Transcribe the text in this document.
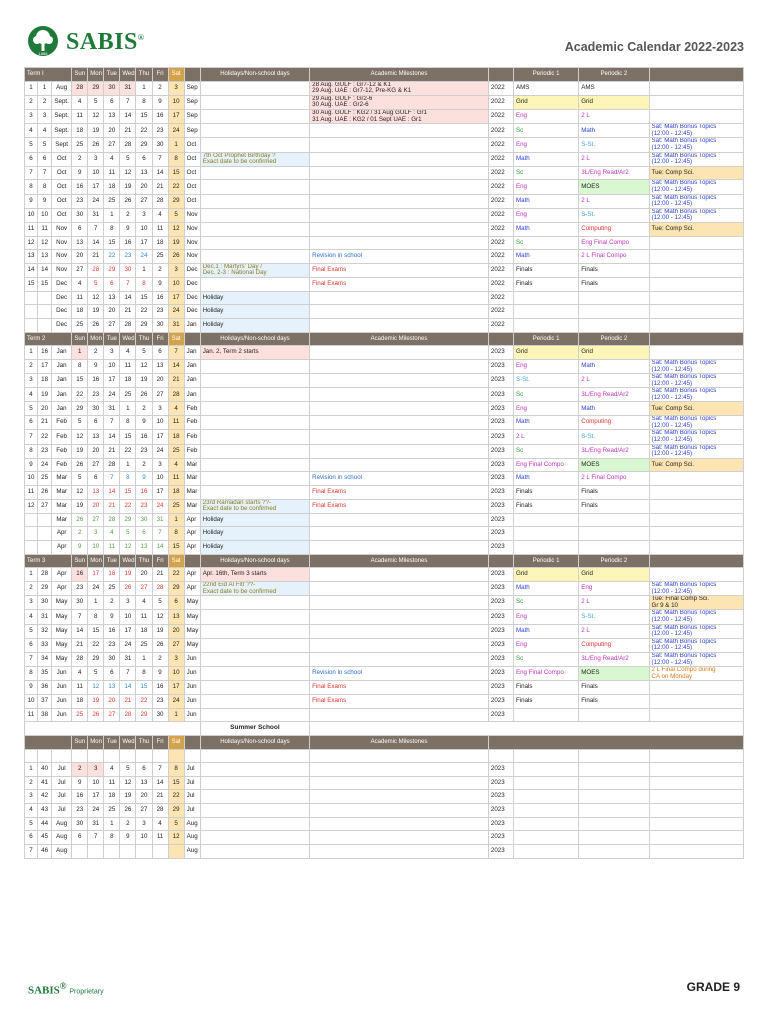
1886 SABIS®
Academic Calendar 2022-2023
Term I			Sun	Mon	Tue	Wed	Thu	Fri	Sat		Holidays/Non-school days	Academic Milestones		Periodic 1	Periodic 2	
1	1	Aug	28	29	30	31	1	2	3	Sep		28 Aug. GULF : Gr7-12 & K1
29 Aug. UAE : Gr7-12, Pre-KG & K1	2022	AMS	AMS	
2	2	Sept.	4	5	6	7	8	9	10	Sep		29 Aug. GULF : Gr2-6
30 Aug. UAE : Gr2-6	2022	Grid	Grid	
3	3	Sept.	11	12	13	14	15	16	17	Sep		30 Aug. GULF : KG2 / 31 Aug GULF : Gr1
31 Aug. UAE : KG2 / 01 Sept UAE : Gr1	2022	Eng	2 L	
4	4	Sept.	18	19	20	21	22	23	24	Sep			2022	Sc	Math	Sat: Math Bonus Topics
(12:00 - 12:45)
5	5	Sept	25	26	27	28	29	30	1	Oct			2022	Eng	S-St.	Sat: Math Bonus Topics
(12:00 - 12:45)
6	6	Oct	2	3	4	5	6	7	8	Oct	7th Oct Prophet Birthday ?
Exact date to be confirmed		2022	Math	2 L	Sat: Math Bonus Topics
(12:00 - 12:45)
7	7	Oct	9	10	11	12	13	14	15	Oct			2022	Sc	3L/Eng Read/Ar2	Tue: Comp Sci.
8	8	Oct	16	17	18	19	20	21	22	Oct			2022	Eng	MOES	Sat: Math Bonus Topics
(12:00 - 12:45)
9	9	Oct	23	24	25	26	27	28	29	Oct			2022	Math	2 L	Sat: Math Bonus Topics
(12:00 - 12:45)
10	10	Oct	30	31	1	2	3	4	5	Nov			2022	Eng	S-St.	Sat: Math Bonus Topics
(12:00 - 12:45)
11	11	Nov	6	7	8	9	10	11	12	Nov			2022	Math	Computing	Tue: Comp Sci.
12	12	Nov	13	14	15	16	17	18	19	Nov			2022	Sc	Eng Final Compo	
13	13	Nov	20	21	22	23	24	25	26	Nov		Revision in school	2022	Math	2 L Final Compo	
14	14	Nov	27	28	29	30	1	2	3	Dec	Dec.1 : Martyrs' Day /
Dec. 2-3 : National Day	Final Exams	2022	Finals	Finals	
15	15	Dec	4	5	6	7	8	9	10	Dec		Final Exams	2022	Finals	Finals	
		Dec	11	12	13	14	15	16	17	Dec	Holiday		2022			
		Dec	18	19	20	21	22	23	24	Dec	Holiday		2022			
		Dec	25	26	27	28	29	30	31	Jan	Holiday		2022			
Term 2			Sun	Mon	Tue	Wed	Thu	Fri	Sat		Holidays/Non-school days	Academic Milestones		Periodic 1	Periodic 2	
1	16	Jan	1	2	3	4	5	6	7	Jan	Jan. 2, Term 2 starts		2023	Grid	Grid	
2	17	Jan	8	9	10	11	12	13	14	Jan			2023	Eng	Math	Sat: Math Bonus Topics
(12:00 - 12:45)
3	18	Jan	15	16	17	18	19	20	21	Jan			2023	S-St.	2 L	Sat: Math Bonus Topics
(12:00 - 12:45)
4	19	Jan	22	23	24	25	26	27	28	Jan			2023	Sc	3L/Eng Read/Ar2	Sat: Math Bonus Topics
(12:00 - 12:45)
5	20	Jan	29	30	31	1	2	3	4	Feb			2023	Eng	Math	Tue: Comp Sci.
6	21	Feb	5	6	7	8	9	10	11	Feb			2023	Math	Computing	Sat: Math Bonus Topics
(12:00 - 12:45)
7	22	Feb	12	13	14	15	16	17	18	Feb			2023	2 L	S-St.	Sat: Math Bonus Topics
(12:00 - 12:45)
8	23	Feb	19	20	21	22	23	24	25	Feb			2023	Sc	3L/Eng Read/Ar2	Sat: Math Bonus Topics
(12:00 - 12:45)
9	24	Feb	26	27	28	1	2	3	4	Mar			2023	Eng Final Compo	MOES	Tue: Comp Sci.
10	25	Mar	5	6	7	8	9	10	11	Mar		Revision in school	2023	Math	2 L Final Compo	
11	26	Mar	12	13	14	15	16	17	18	Mar		Final Exams	2023	Finals	Finals	
12	27	Mar	19	20	21	22	23	24	25	Mar	23rd Ramadan starts ??-
Exact date to be confirmed	Final Exams	2023	Finals	Finals	
		Mar	26	27	28	29	30	31	1	Apr	Holiday		2023			
		Apr	2	3	4	5	6	7	8	Apr	Holiday		2023			
		Apr	9	10	11	12	13	14	15	Apr	Holiday		2023			
Term 3			Sun	Mon	Tue	Wed	Thu	Fri	Sat		Holidays/Non-school days	Academic Milestones		Periodic 1	Periodic 2	
1	28	Apr	16	17	18	19	20	21	22	Apr	Apr. 16th, Term 3 starts		2023	Grid	Grid	
2	29	Apr	23	24	25	26	27	28	29	Apr	22nd Eid Al Fitr ??-
Exact date to be confirmed		2023	Math	Eng	Sat: Math Bonus Topics
(12:00 - 12:45)
3	30	May	30	1	2	3	4	5	6	May			2023	Sc	2 L	Tue: Final Comp Sci.
Gr 9 & 10
4	31	May	7	8	9	10	11	12	13	May			2023	Eng	S-St.	Sat: Math Bonus Topics
(12:00 - 12:45)
5	32	May	14	15	16	17	18	19	20	May			2023	Math	2 L	Sat: Math Bonus Topics
(12:00 - 12:45)
6	33	May	21	22	23	24	25	26	27	May			2023	Eng	Computing	Sat: Math Bonus Topics
(12:00 - 12:45)
7	34	May	28	29	30	31	1	2	3	Jun			2023	Sc	3L/Eng Read/Ar2	Sat: Math Bonus Topics
(12:00 - 12:45)
8	35	Jun	4	5	6	7	8	9	10	Jun		Revision in school	2023	Eng Final Compo	MOES	2 L Final Compo during
CA on Monday
9	36	Jun	11	12	13	14	15	16	17	Jun		Final Exams	2023	Finals	Finals	
10	37	Jun	18	19	20	21	22	23	24	Jun		Final Exams	2023	Finals	Finals	
11	38	Jun	25	26	27	28	29	30	1	Jun			2023			
											Summer School					
			Sun	Mon	Tue	Wed	Thu	Fri	Sat		Holidays/Non-school days	Academic Milestones				

1	40	Jul	2	3	4	5	6	7	8	Jul			2023			
2	41	Jul	9	10	11	12	13	14	15	Jul			2023			
3	42	Jul	16	17	18	19	20	21	22	Jul			2023			
4	43	Jul	23	24	25	26	27	28	29	Jul			2023			
5	44	Aug	30	31	1	2	3	4	5	Aug			2023			
6	45	Aug	6	7	8	9	10	11	12	Aug			2023			
7	46	Aug								Aug			2023			
SABIS® Proprietary	GRADE 9
